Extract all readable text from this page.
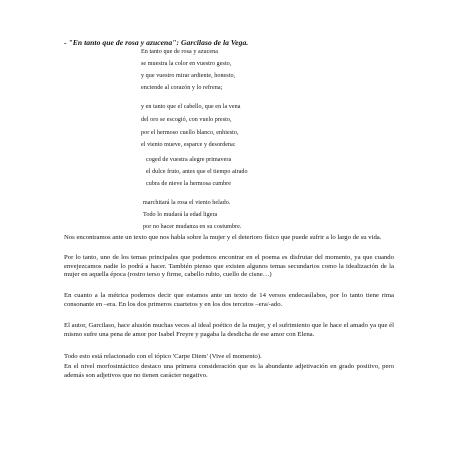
- "En tanto que de rosa y azucena": Garcilaso de la Vega.
En tanto que de rosa y azucena
se muestra la color en vuestro gesto,
y que vuestro mirar ardiente, honesto,
enciende al corazón y lo refrena;
y en tanto que el cabello, que en la vena
del oro se escogió, con vuelo presto,
por el hermoso cuello blanco, enhiesto,
el viento mueve, esparce y desordena:
coged de vuestra alegre primavera
el dulce fruto, antes que el tiempo airado
cubra de nieve la hermosa cumbre
marchitará la rosa el viento helado.
Todo lo mudará la edad ligera
por no hacer mudanza en su costumbre.

Nos encontramos ante un texto que nos habla sobre la mujer y el deterioro físico que puede sufrir a lo largo de su vida.

Por lo tanto, uno de los temas principales que podemos encontrar en el poema es disfrutar del momento, ya que cuando envejezcamos nadie lo podrá a hacer. También pienso que existen algunos temas secundarios como la idealización de la mujer en aquella época (rostro terso y firme, cabello rubio, cuello de cisne…)

En cuanto a la métrica podemos decir que estamos ante un texto de 14 versos endecasílabos, por lo tanto tiene rima consonante en –era. En los dos primeros cuartetos y en los dos tercetos –era/-ado.

El autor, Garcilaso, hace alusión muchas veces al ideal poético de la mujer, y el sufrimiento que le hace el amado ya que él mismo sufre una pena de amor por Isabel Freyre y pagaba la desdicha de ese amor con Elena.

Todo esto está relacionado con el tópico 'Carpe Diem' (Vive el momento).

En el nivel morfosintáctico destaco una primera consideración que es la abundante adjetivación en grado positivo, pero además son adjetivos que no tienen carácter negativo.
